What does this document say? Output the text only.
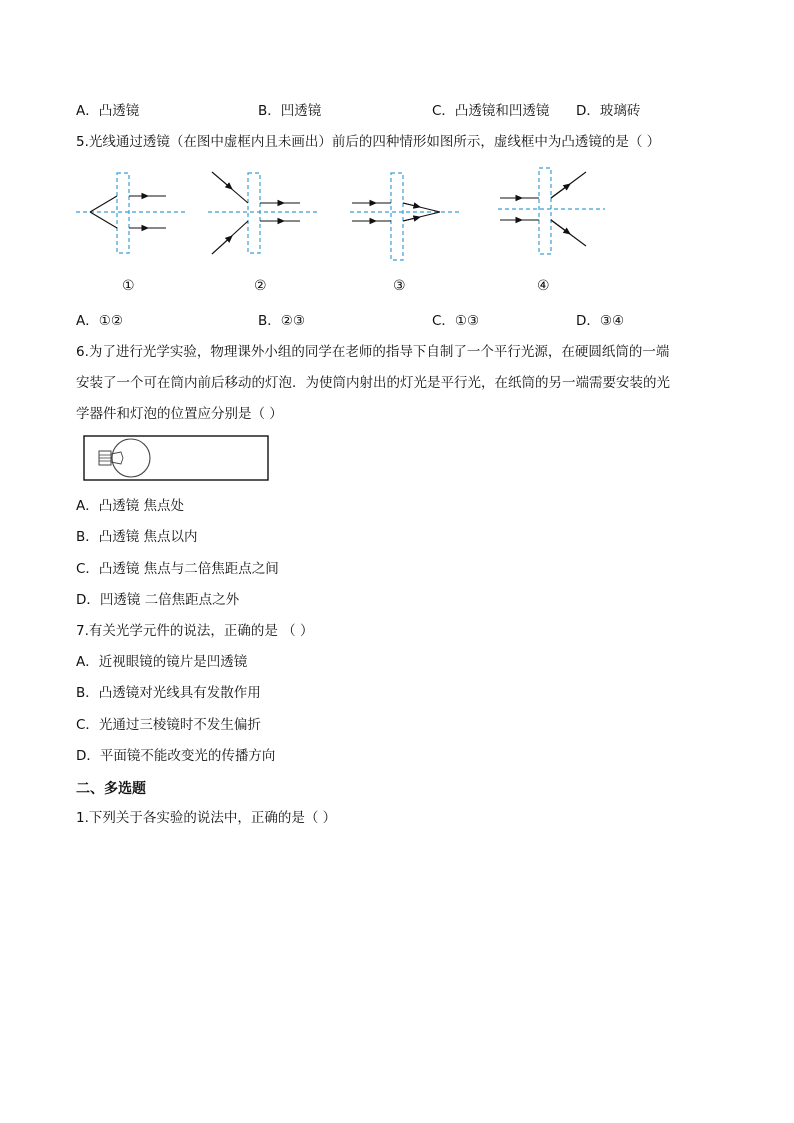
A．凸透镜	B．凹透镜	C．凸透镜和凹透镜 D．玻璃砖
5.光线通过透镜（在图中虚框内且未画出）前后的四种情形如图所示，虚线框中为凸透镜的是（ ）
①	②	③	④
A．①②	B．②③	C．①③	D．③④
6.为了进行光学实验，物理课外小组的同学在老师的指导下自制了一个平行光源，在硬圆纸筒的一端
安装了一个可在筒内前后移动的灯泡．为使筒内射出的灯光是平行光，在纸筒的另一端需要安装的光
学器件和灯泡的位置应分别是（ ）
A．凸透镜 焦点处
B．凸透镜 焦点以内
C．凸透镜 焦点与二倍焦距点之间
D．凹透镜 二倍焦距点之外
7.有关光学元件的说法，正确的是 （ ）
A．近视眼镜的镜片是凹透镜
B．凸透镜对光线具有发散作用
C．光通过三棱镜时不发生偏折
D．平面镜不能改变光的传播方向
二、多选题
1.下列关于各实验的说法中，正确的是（ ）
